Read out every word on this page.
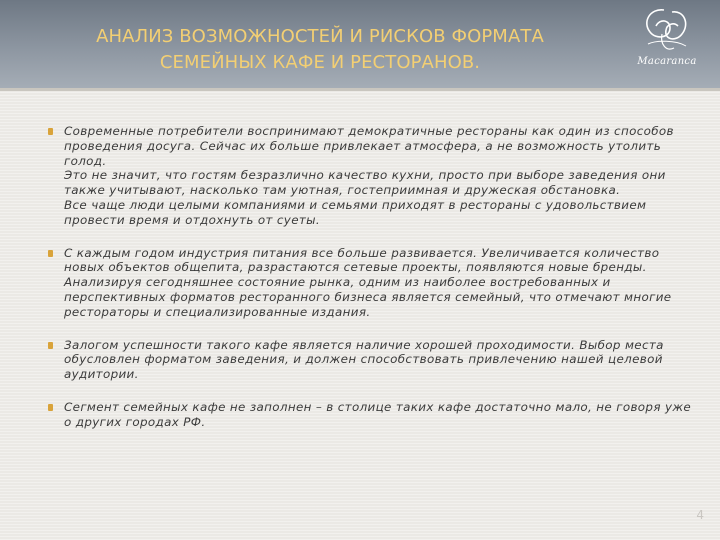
АНАЛИЗ ВОЗМОЖНОСТЕЙ И РИСКОВ ФОРМАТА
СЕМЕЙНЫХ КАФЕ И РЕСТОРАНОВ.	Macaranca

Современные потребители воспринимают демократичные рестораны как один из способов проведения досуга. Сейчас их больше привлекает атмосфера, а не возможность утолить голод.

Это не значит, что гостям безразлично качество кухни, просто при выборе заведения они также учитывают, насколько там уютная, гостеприимная и дружеская обстановка.

Все чаще люди целыми компаниями и семьями приходят в рестораны с удовольствием провести время и отдохнуть от суеты.

С каждым годом индустрия питания все больше развивается. Увеличивается количество новых объектов общепита, разрастаются сетевые проекты, появляются новые бренды. Анализируя сегодняшнее состояние рынка, одним из наиболее востребованных и перспективных форматов ресторанного бизнеса является семейный, что отмечают многие рестораторы и специализированные издания.

Залогом успешности такого кафе является наличие хорошей проходимости. Выбор места обусловлен форматом заведения, и должен способствовать привлечению нашей целевой аудитории.

Сегмент семейных кафе не заполнен – в столице таких кафе достаточно мало, не говоря уже о других городах РФ.

4
